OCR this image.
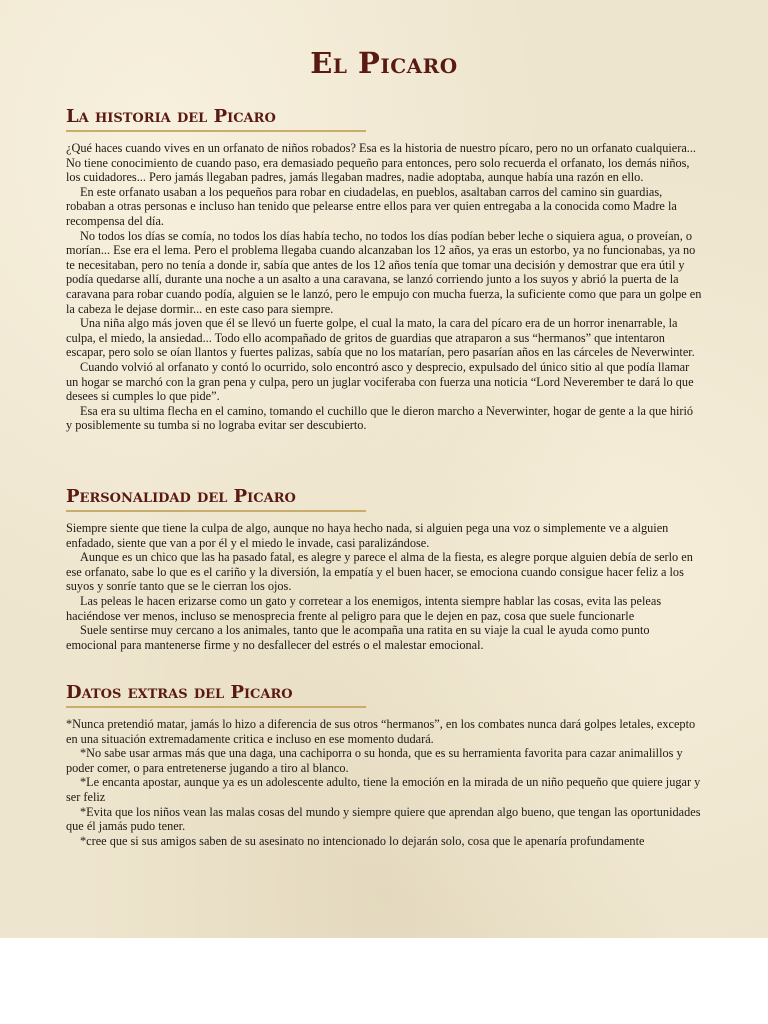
El Picaro
La historia del Picaro

¿Qué haces cuando vives en un orfanato de niños robados? Esa es la historia de nuestro pícaro, pero no un orfanato cualquiera... No tiene conocimiento de cuando paso, era demasiado pequeño para entonces, pero solo recuerda el orfanato, los demás niños, los cuidadores... Pero jamás llegaban padres, jamás llegaban madres, nadie adoptaba, aunque había una razón en ello.

En este orfanato usaban a los pequeños para robar en ciudadelas, en pueblos, asaltaban carros del camino sin guardias, robaban a otras personas e incluso han tenido que pelearse entre ellos para ver quien entregaba a la conocida como Madre la recompensa del día.

No todos los días se comía, no todos los días había techo, no todos los días podían beber leche o siquiera agua, o proveían, o morían... Ese era el lema. Pero el problema llegaba cuando alcanzaban los 12 años, ya eras un estorbo, ya no funcionabas, ya no te necesitaban, pero no tenía a donde ir, sabía que antes de los 12 años tenía que tomar una decisión y demostrar que era útil y podía quedarse allí, durante una noche a un asalto a una caravana, se lanzó corriendo junto a los suyos y abrió la puerta de la caravana para robar cuando podía, alguien se le lanzó, pero le empujo con mucha fuerza, la suficiente como que para un golpe en la cabeza le dejase dormir... en este caso para siempre.

Una niña algo más joven que él se llevó un fuerte golpe, el cual la mato, la cara del pícaro era de un horror inenarrable, la culpa, el miedo, la ansiedad... Todo ello acompañado de gritos de guardias que atraparon a sus “hermanos” que intentaron escapar, pero solo se oían llantos y fuertes palizas, sabía que no los matarían, pero pasarían años en las cárceles de Neverwinter.

Cuando volvió al orfanato y contó lo ocurrido, solo encontró asco y desprecio, expulsado del único sitio al que podía llamar un hogar se marchó con la gran pena y culpa, pero un juglar vociferaba con fuerza una noticia “Lord Neverember te dará lo que desees si cumples lo que pide”.

Esa era su ultima flecha en el camino, tomando el cuchillo que le dieron marcho a Neverwinter, hogar de gente a la que hirió y posiblemente su tumba si no lograba evitar ser descubierto.

Personalidad del Picaro

Siempre siente que tiene la culpa de algo, aunque no haya hecho nada, si alguien pega una voz o simplemente ve a alguien enfadado, siente que van a por él y el miedo le invade, casi paralizándose.

Aunque es un chico que las ha pasado fatal, es alegre y parece el alma de la fiesta, es alegre porque alguien debía de serlo en ese orfanato, sabe lo que es el cariño y la diversión, la empatía y el buen hacer, se emociona cuando consigue hacer feliz a los suyos y sonríe tanto que se le cierran los ojos.

Las peleas le hacen erizarse como un gato y corretear a los enemigos, intenta siempre hablar las cosas, evita las peleas haciéndose ver menos, incluso se menosprecia frente al peligro para que le dejen en paz, cosa que suele funcionarle

Suele sentirse muy cercano a los animales, tanto que le acompaña una ratita en su viaje la cual le ayuda como punto emocional para mantenerse firme y no desfallecer del estrés o el malestar emocional.

Datos extras del Picaro

*Nunca pretendió matar, jamás lo hizo a diferencia de sus otros “hermanos”, en los combates nunca dará golpes letales, excepto en una situación extremadamente critica e incluso en ese momento dudará.

*No sabe usar armas más que una daga, una cachiporra o su honda, que es su herramienta favorita para cazar animalillos y poder comer, o para entretenerse jugando a tiro al blanco.

*Le encanta apostar, aunque ya es un adolescente adulto, tiene la emoción en la mirada de un niño pequeño que quiere jugar y ser feliz

*Evita que los niños vean las malas cosas del mundo y siempre quiere que aprendan algo bueno, que tengan las oportunidades que él jamás pudo tener.

*cree que si sus amigos saben de su asesinato no intencionado lo dejarán solo, cosa que le apenaría profundamente
